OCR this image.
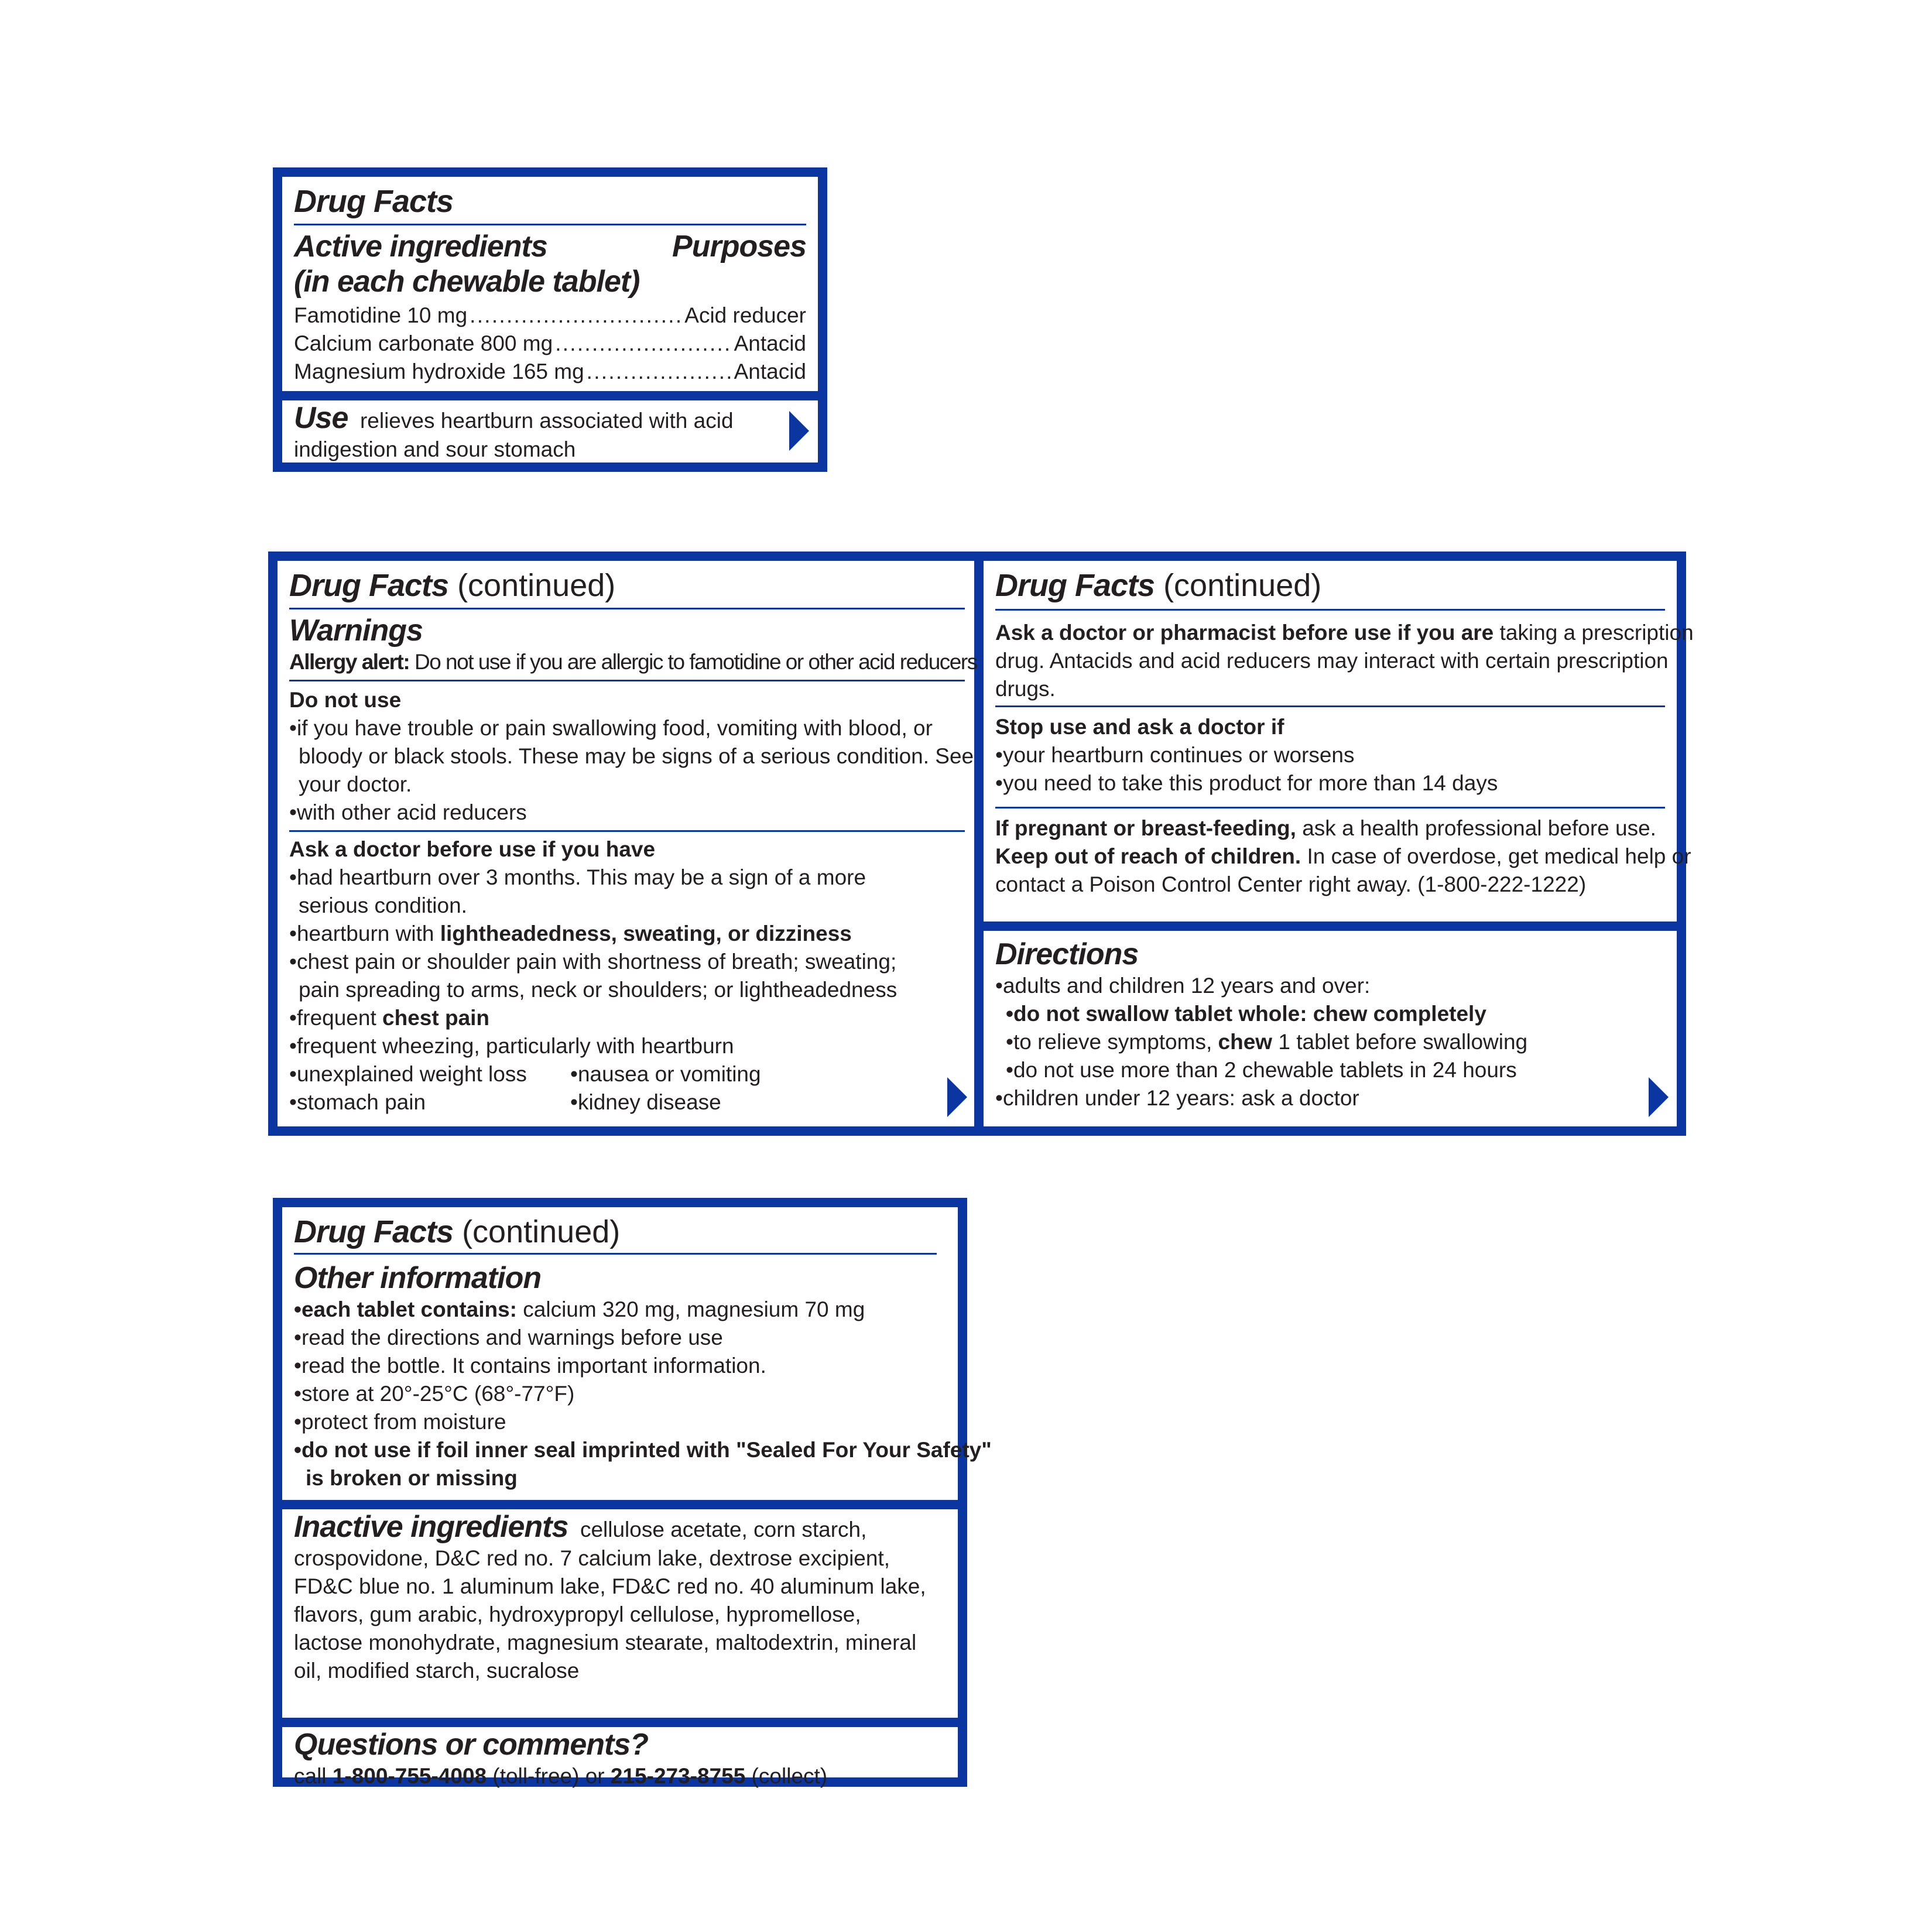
Drug Facts
Active ingredients	Purposes
(in each chewable tablet)
Famotidine 10 mg . . .	Acid reducer
Calcium carbonate 800 mg . . .	Antacid
Magnesium hydroxide 165 mg . . .	Antacid
Use relieves heartburn associated with acid
indigestion and sour stomach
Drug Facts (continued)
Warnings
Allergy alert: Do not use if you are allergic to famotidine or other acid reducers
Do not use
•if you have trouble or pain swallowing food, vomiting with blood, or
bloody or black stools. These may be signs of a serious condition. See
your doctor.
•with other acid reducers
Ask a doctor before use if you have
•had heartburn over 3 months. This may be a sign of a more
serious condition.
•heartburn with lightheadedness, sweating, or dizziness
•chest pain or shoulder pain with shortness of breath; sweating;
pain spreading to arms, neck or shoulders; or lightheadedness
•frequent chest pain
•frequent wheezing, particularly with heartburn
•unexplained weight loss	•nausea or vomiting
•stomach pain	•kidney disease
Drug Facts (continued)
Ask a doctor or pharmacist before use if you are taking a prescription
drug. Antacids and acid reducers may interact with certain prescription
drugs.
Stop use and ask a doctor if
•your heartburn continues or worsens
•you need to take this product for more than 14 days
If pregnant or breast-feeding, ask a health professional before use.
Keep out of reach of children. In case of overdose, get medical help or
contact a Poison Control Center right away. (1-800-222-1222)
Directions
•adults and children 12 years and over:
•do not swallow tablet whole: chew completely
•to relieve symptoms, chew 1 tablet before swallowing
•do not use more than 2 chewable tablets in 24 hours
•children under 12 years: ask a doctor
Drug Facts (continued)
Other information
•each tablet contains: calcium 320 mg, magnesium 70 mg
•read the directions and warnings before use
•read the bottle. It contains important information.
•store at 20°-25°C (68°-77°F)
•protect from moisture
•do not use if foil inner seal imprinted with "Sealed For Your Safety"
is broken or missing
Inactive ingredients cellulose acetate, corn starch,
crospovidone, D&C red no. 7 calcium lake, dextrose excipient,
FD&C blue no. 1 aluminum lake, FD&C red no. 40 aluminum lake,
flavors, gum arabic, hydroxypropyl cellulose, hypromellose,
lactose monohydrate, magnesium stearate, maltodextrin, mineral
oil, modified starch, sucralose
Questions or comments?
call 1-800-755-4008 (toll-free) or 215-273-8755 (collect)
